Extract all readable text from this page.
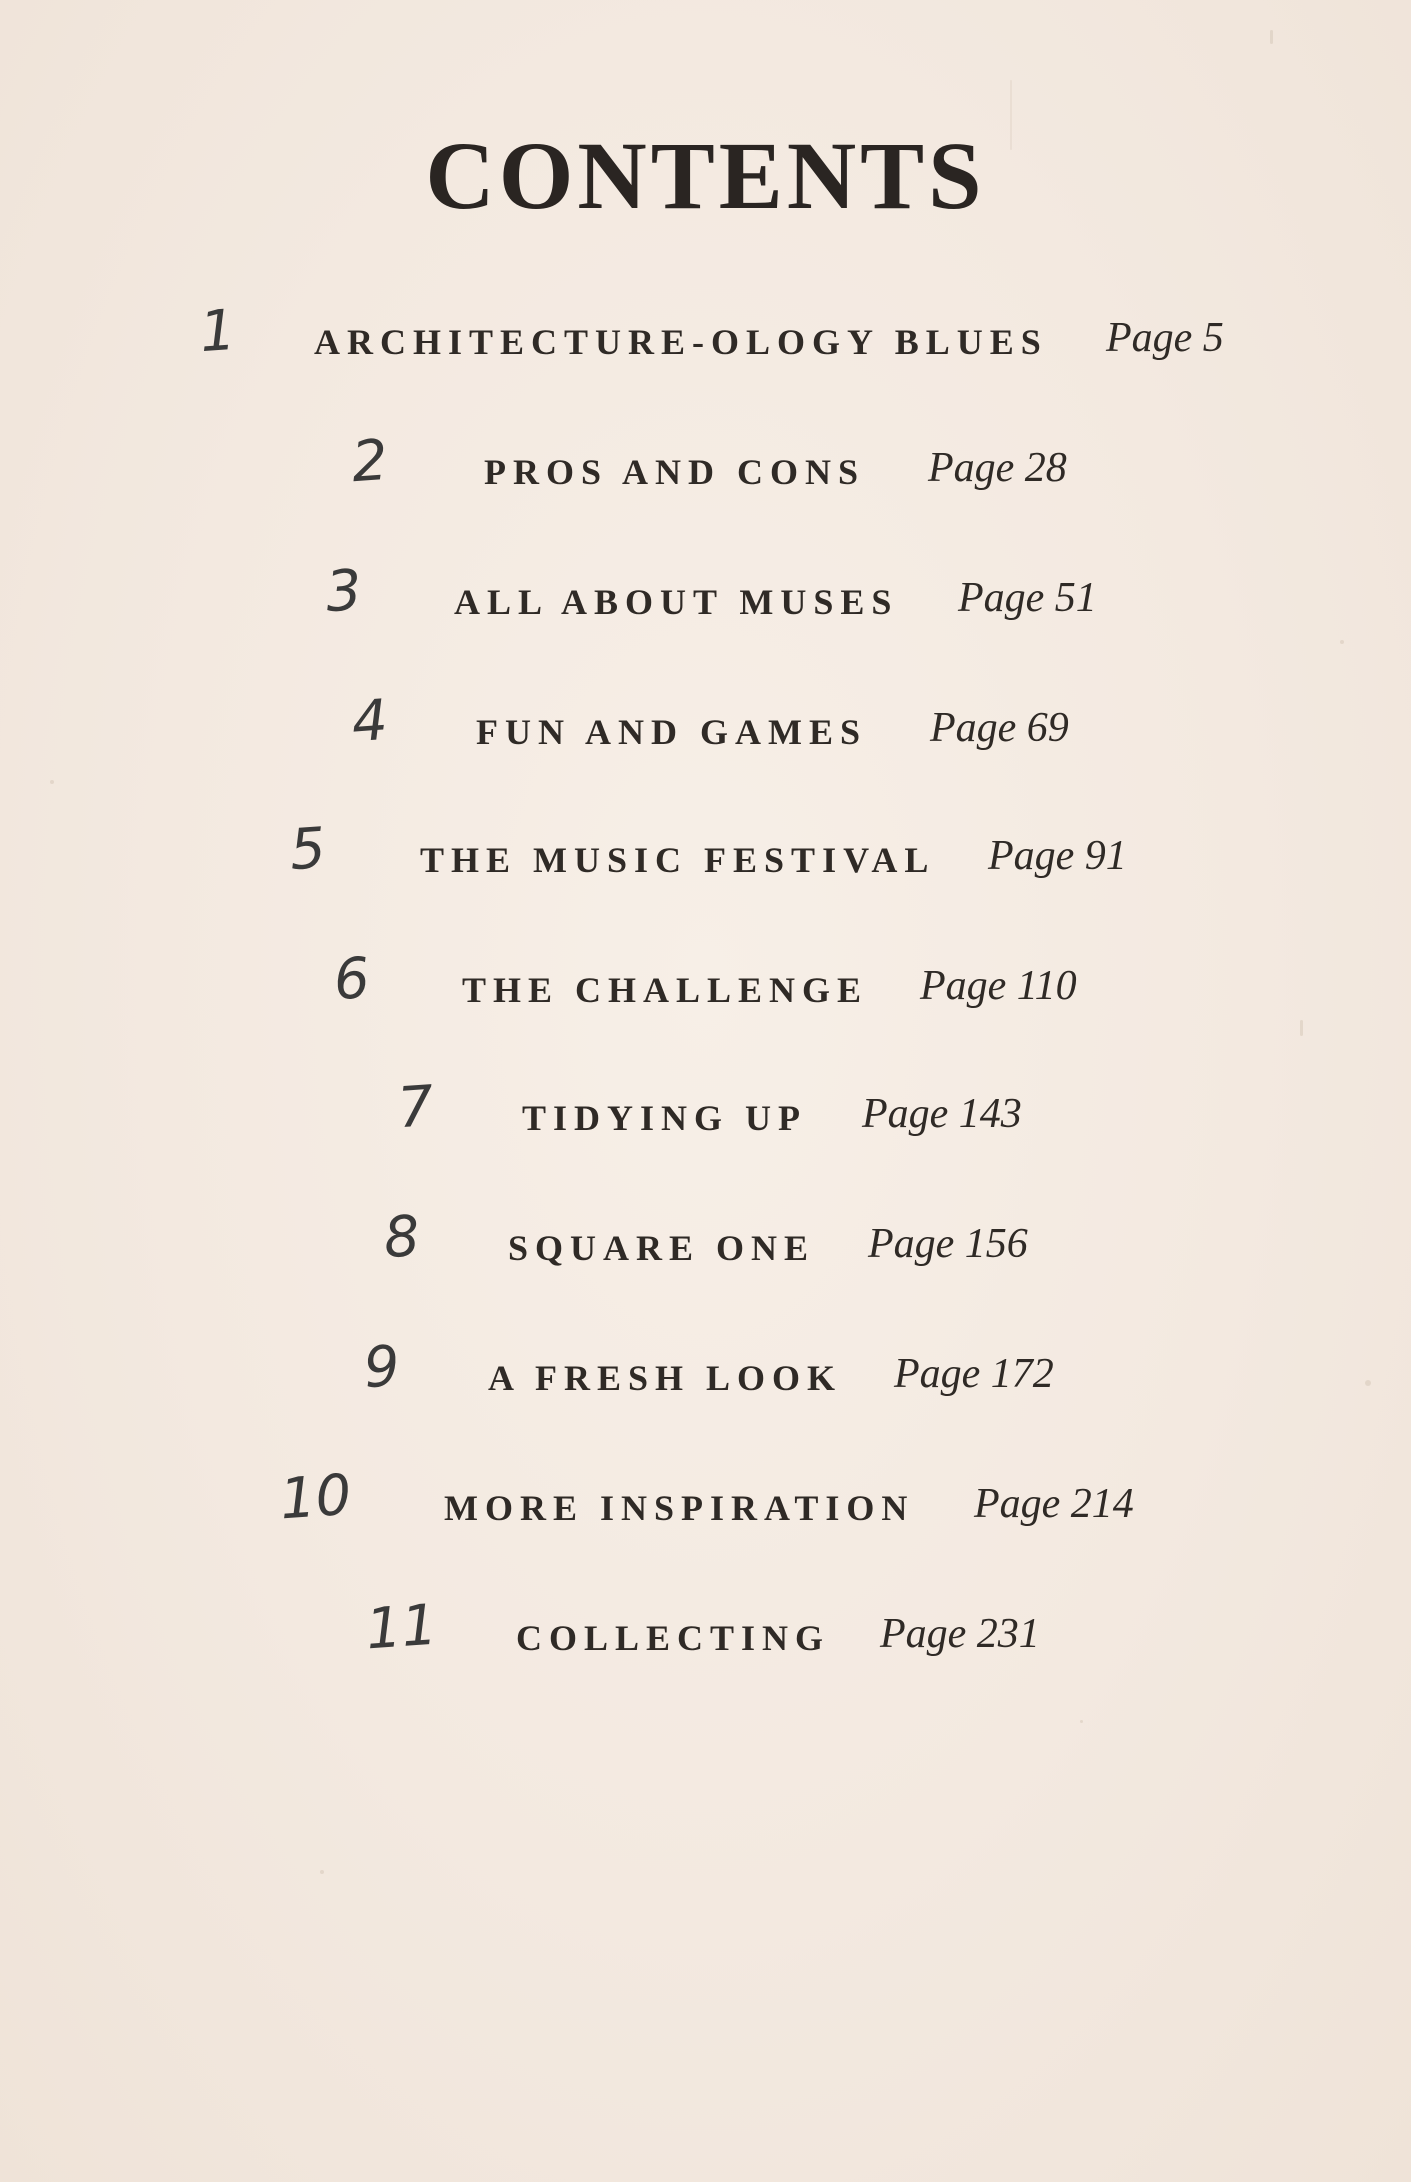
CONTENTS
1 ARCHITECTURE-OLOGY BLUES Page 5
2	PROS AND CONS Page 28
3	ALL ABOUT MUSES Page 51
4 FUN AND GAMES Page 69
5	THE MUSIC FESTIVAL Page 91
6	THE CHALLENGE Page 110
7 TIDYING UP Page 143
8 SQUARE ONE Page 156
9 A FRESH LOOK Page 172
10	MORE INSPIRATION Page 214
11 COLLECTING Page 231
